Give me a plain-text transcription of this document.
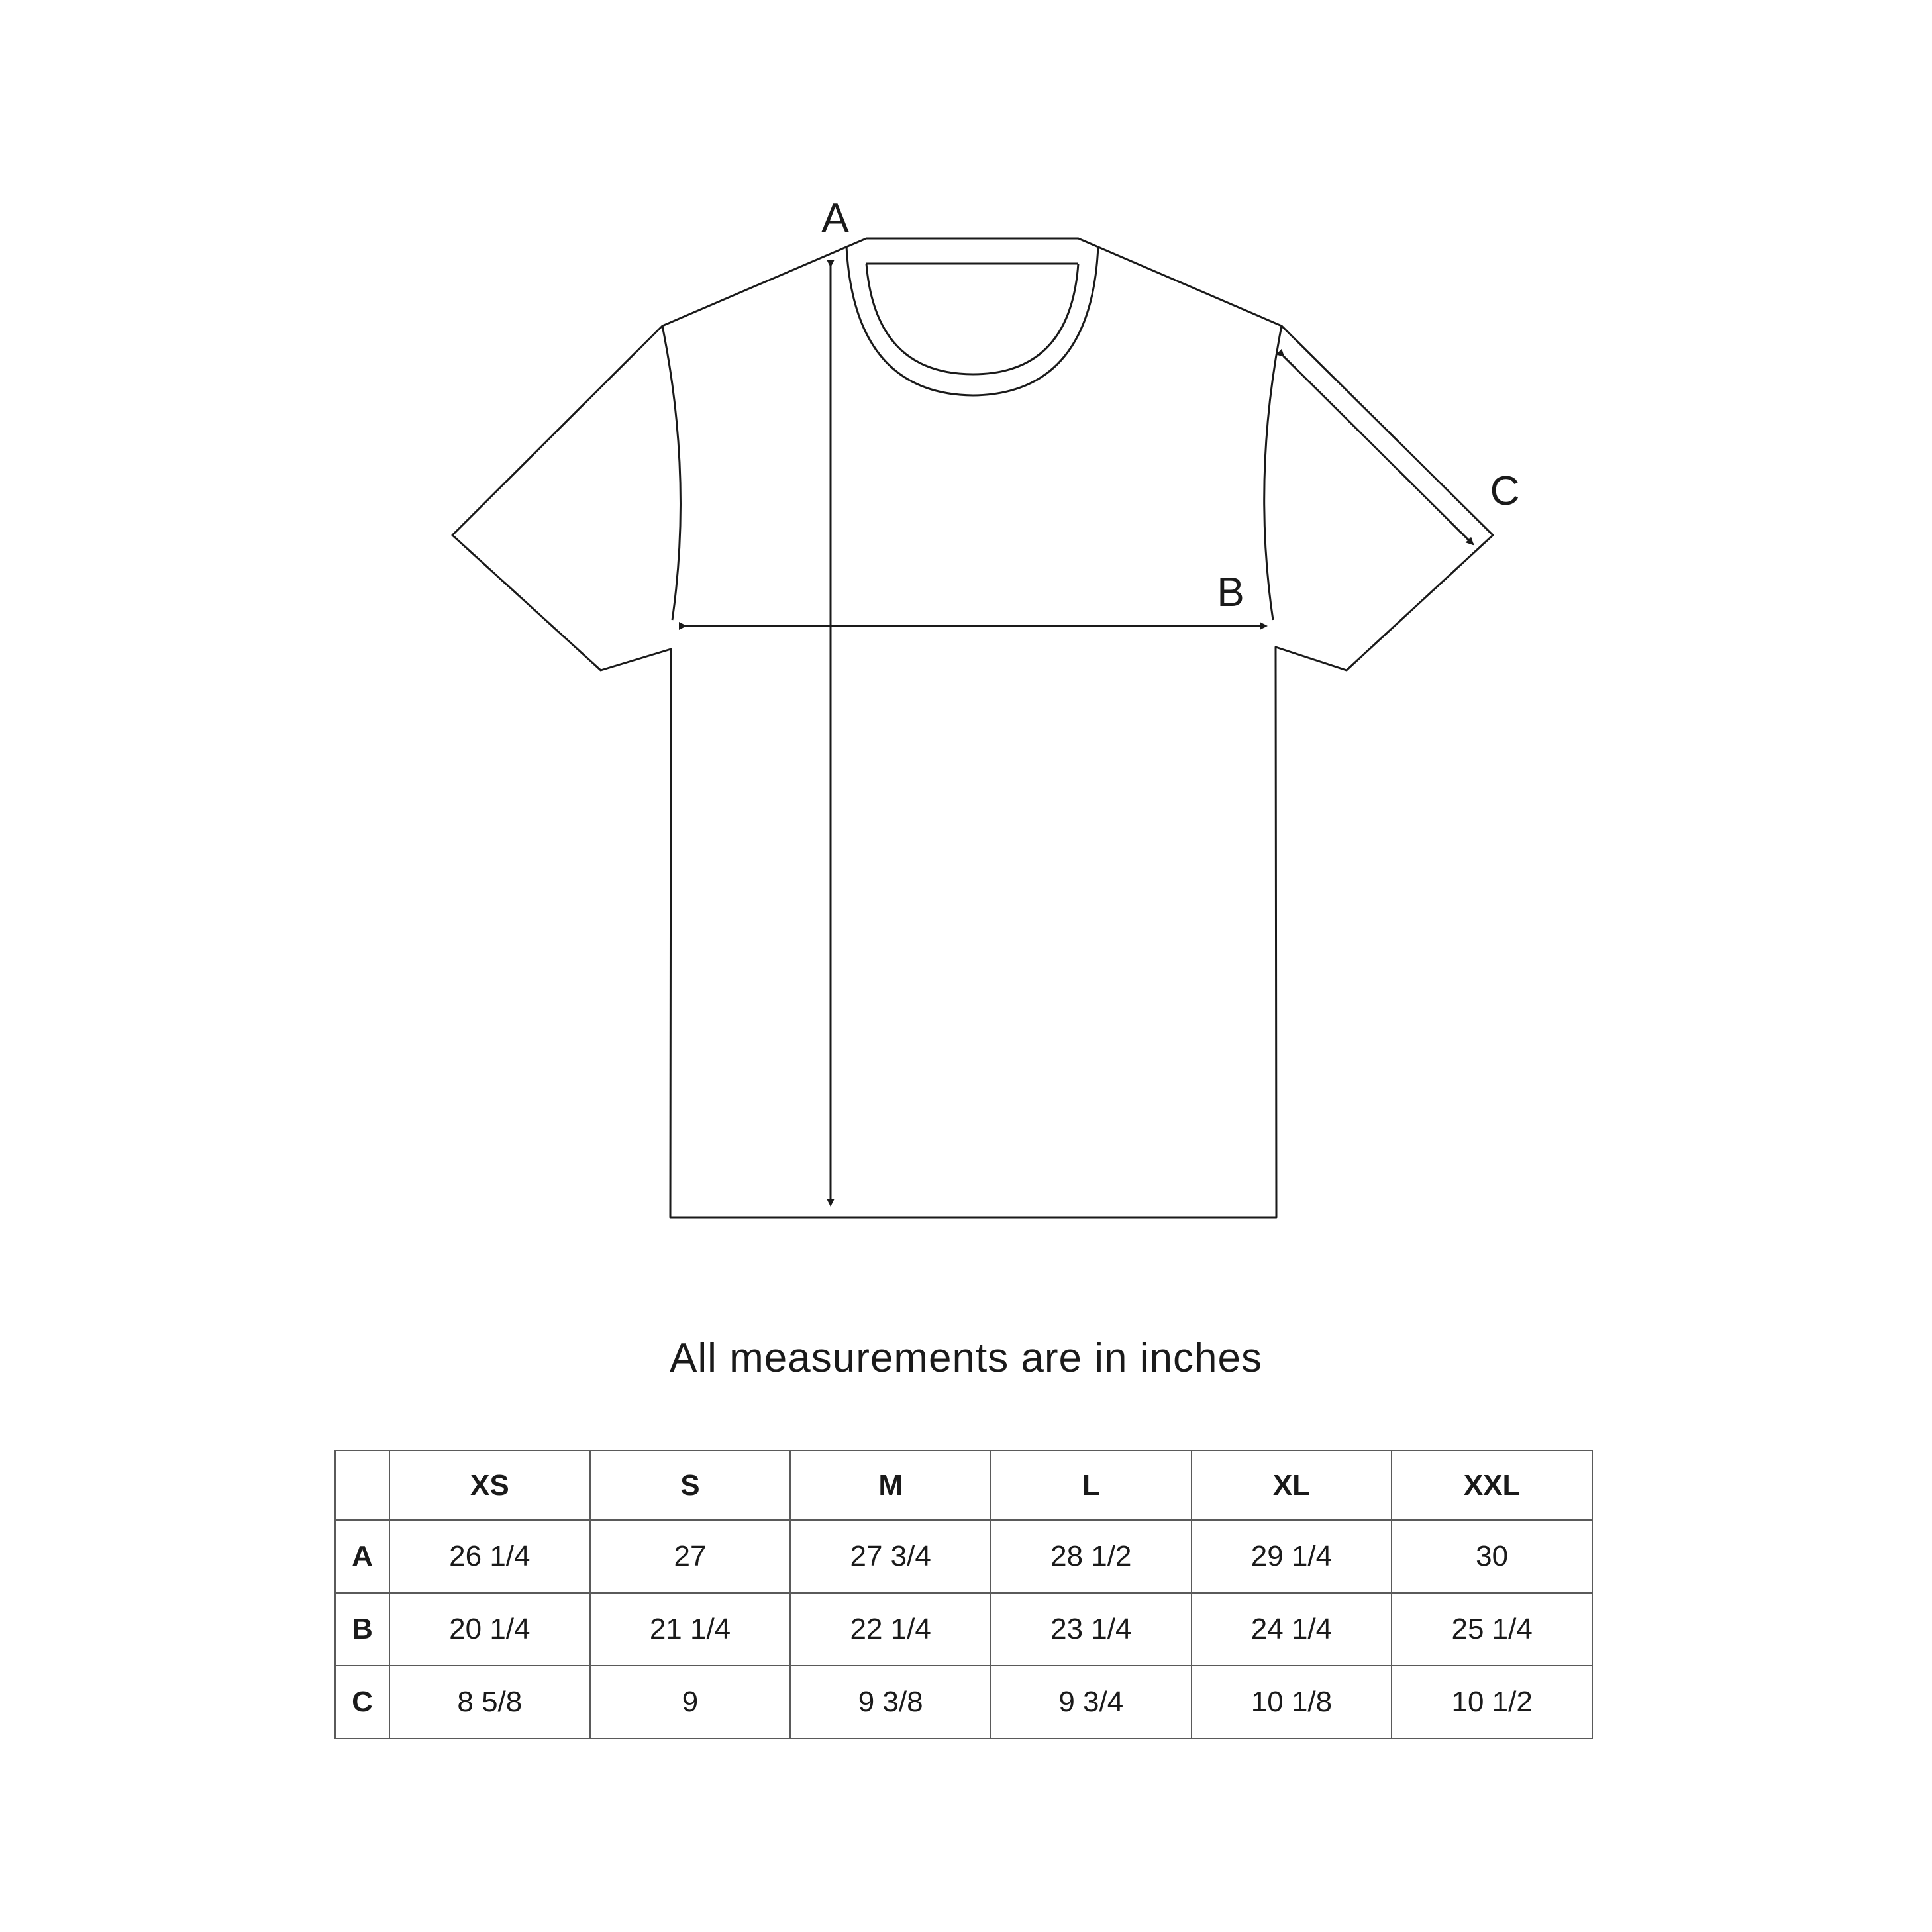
A
B
C
All measurements are in inches
	XS	S	M	L	XL	XXL
A	26 1/4	27	27 3/4	28 1/2	29 1/4	30
B	20 1/4	21 1/4	22 1/4	23 1/4	24 1/4	25 1/4
C	8 5/8	9	9 3/8	9 3/4	10 1/8	10 1/2
